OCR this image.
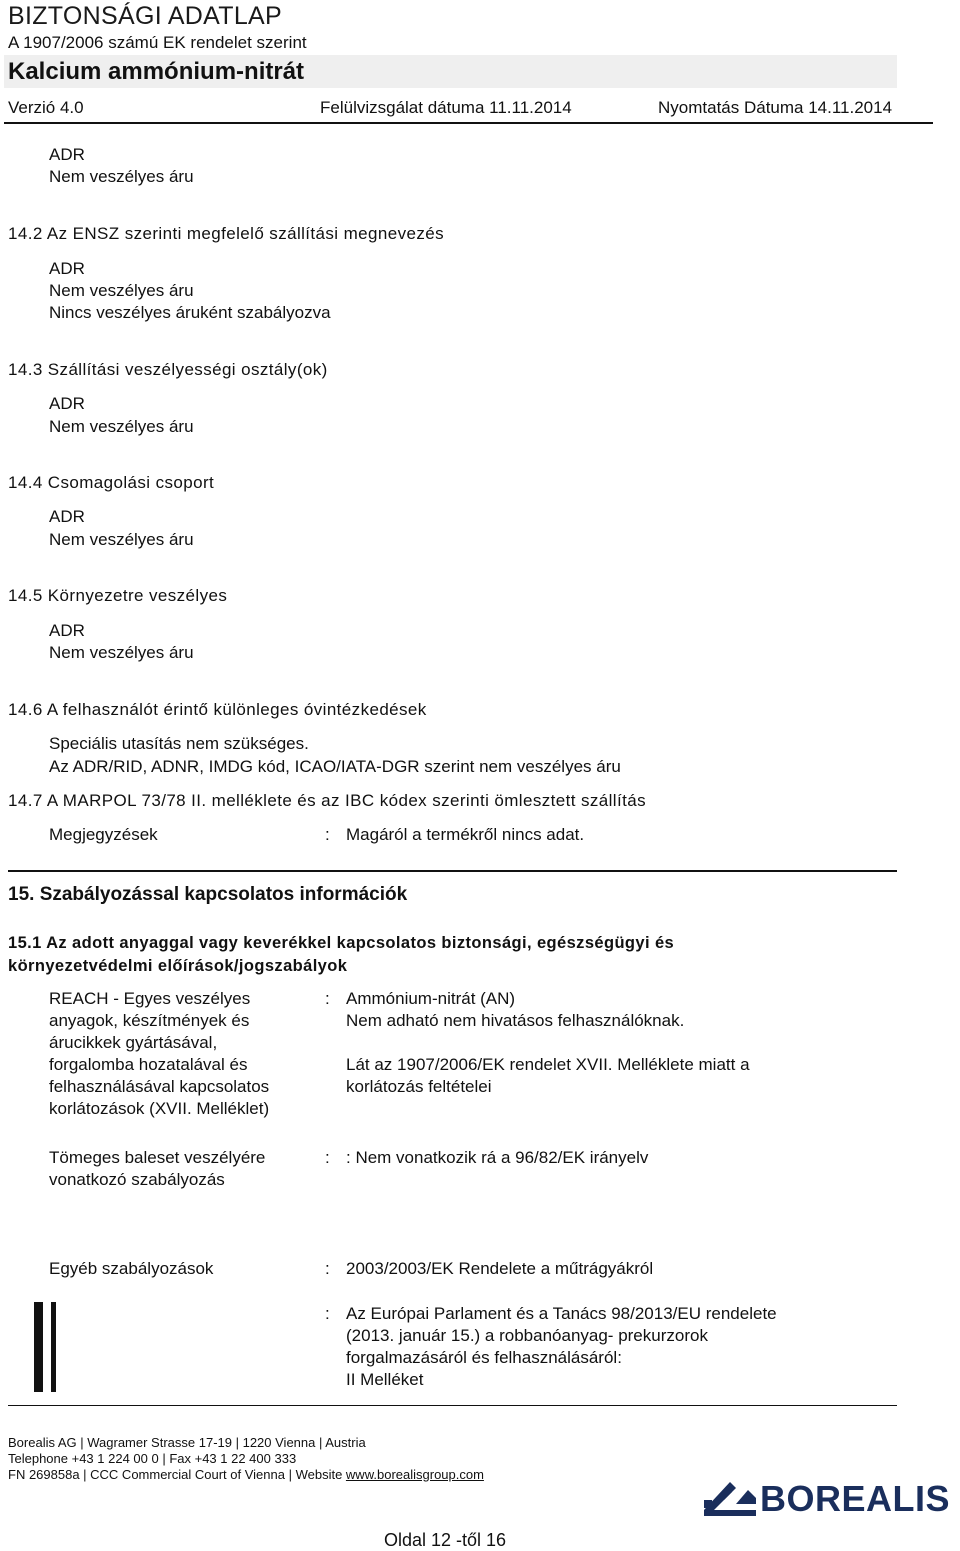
BIZTONSÁGI ADATLAP
A 1907/2006 számú EK rendelet szerint
Kalcium ammónium-nitrát
Verzió 4.0	Felülvizsgálat dátuma 11.11.2014	Nyomtatás Dátuma 14.11.2014
ADR
Nem veszélyes áru
14.2 Az ENSZ szerinti megfelelő szállítási megnevezés
ADR
Nem veszélyes áru
Nincs veszélyes áruként szabályozva
14.3 Szállítási veszélyességi osztály(ok)
ADR
Nem veszélyes áru
14.4 Csomagolási csoport
ADR
Nem veszélyes áru
14.5 Környezetre veszélyes
ADR
Nem veszélyes áru
14.6 A felhasználót érintő különleges óvintézkedések
Speciális utasítás nem szükséges.
Az ADR/RID, ADNR, IMDG kód, ICAO/IATA-DGR szerint nem veszélyes áru
14.7 A MARPOL 73/78 II. melléklete és az IBC kódex szerinti ömlesztett szállítás
Megjegyzések	: Magáról a termékről nincs adat.
15. Szabályozással kapcsolatos információk
15.1 Az adott anyaggal vagy keverékkel kapcsolatos biztonsági, egészségügyi és
környezetvédelmi előírások/jogszabályok
REACH - Egyes veszélyes
anyagok, készítmények és
árucikkek gyártásával,
forgalomba hozatalával és
felhasználásával kapcsolatos
korlátozások (XVII. Melléklet)
: Ammónium-nitrát (AN)
Nem adható nem hivatásos felhasználóknak.
Lát az 1907/2006/EK rendelet XVII. Melléklete miatt a
korlátozás feltételei
Tömeges baleset veszélyére
vonatkozó szabályozás
: : Nem vonatkozik rá a 96/82/EK irányelv
Egyéb szabályozások	: 2003/2003/EK Rendelete a műtrágyákról
: Az Európai Parlament és a Tanács 98/2013/EU rendelete
(2013. január 15.) a robbanóanyag- prekurzorok
forgalmazásáról és felhasználásáról:
II Melléket
Borealis AG | Wagramer Strasse 17-19 | 1220 Vienna | Austria
Telephone +43 1 224 00 0 | Fax +43 1 22 400 333
FN 269858a | CCC Commercial Court of Vienna | Website www.borealisgroup.com
BOREALIS
Oldal 12 -től 16
